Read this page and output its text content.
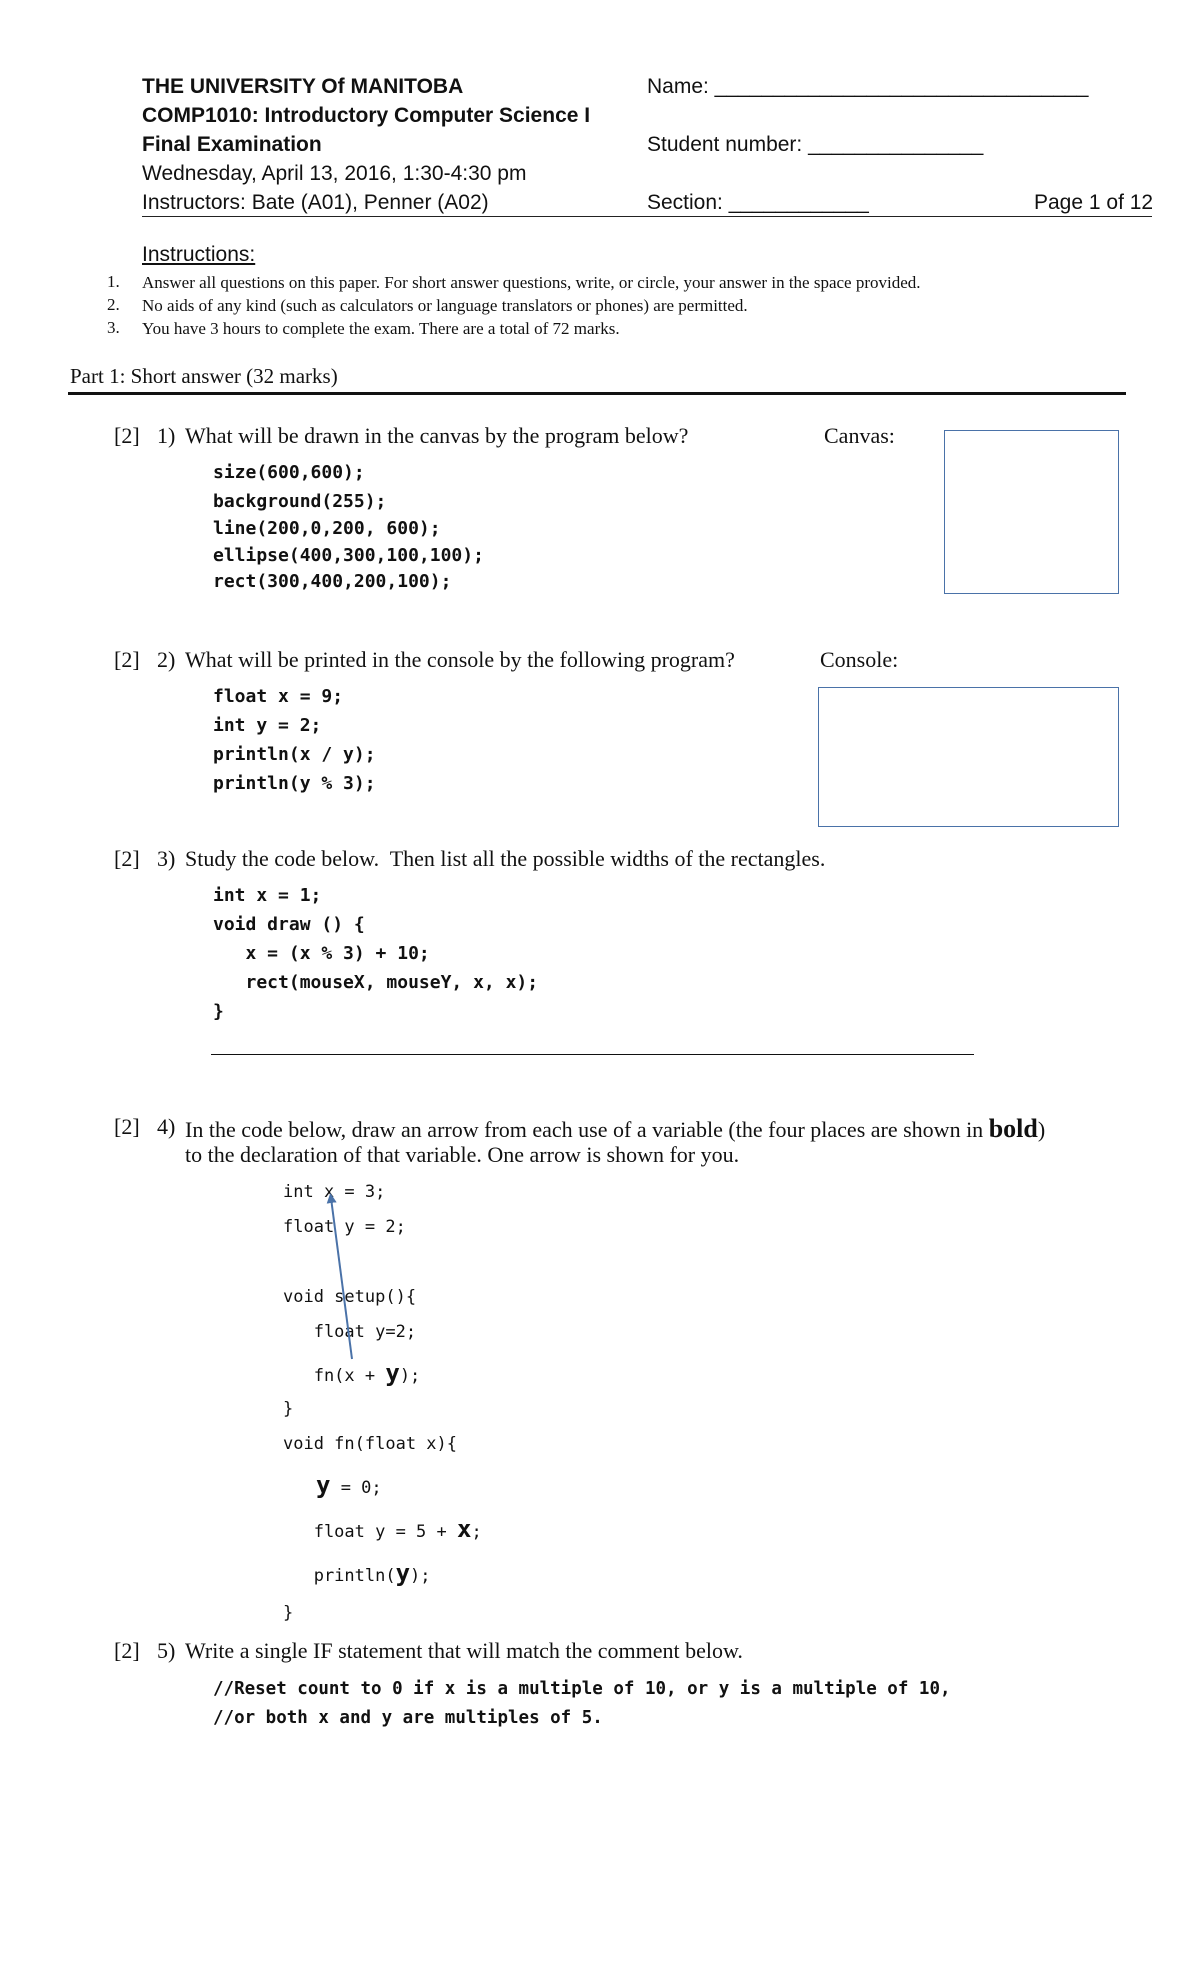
THE UNIVERSITY Of MANITOBA
COMP1010: Introductory Computer Science I
Final Examination
Wednesday, April 13, 2016, 1:30-4:30 pm
Instructors: Bate (A01), Penner (A02)
Name: ________________________________
Student number: _______________
Section: ____________	Page 1 of 12
Instructions:
1. Answer all questions on this paper. For short answer questions, write, or circle, your answer in the space provided.
2. No aids of any kind (such as calculators or language translators or phones) are permitted.
3. You have 3 hours to complete the exam. There are a total of 72 marks.
Part 1: Short answer (32 marks)
[2] 1) What will be drawn in the canvas by the program below?	Canvas:
size(600,600);
background(255);
line(200,0,200, 600);
ellipse(400,300,100,100);
rect(300,400,200,100);
[2] 2) What will be printed in the console by the following program?	Console:
float x = 9;
int y = 2;
println(x / y);
println(y % 3);
[2] 3) Study the code below.  Then list all the possible widths of the rectangles.
int x = 1;
void draw () {
x = (x % 3) + 10;
rect(mouseX, mouseY, x, x);
}
[2] 4) In the code below, draw an arrow from each use of a variable (the four places are shown in bold)
to the declaration of that variable. One arrow is shown for you.
int x = 3;
float y = 2;
void setup(){
float y=2;
fn(x + y);
}
void fn(float x){
y = 0;
float y = 5 + x;
println(y);
}
[2] 5) Write a single IF statement that will match the comment below.
//Reset count to 0 if x is a multiple of 10, or y is a multiple of 10,
//or both x and y are multiples of 5.
